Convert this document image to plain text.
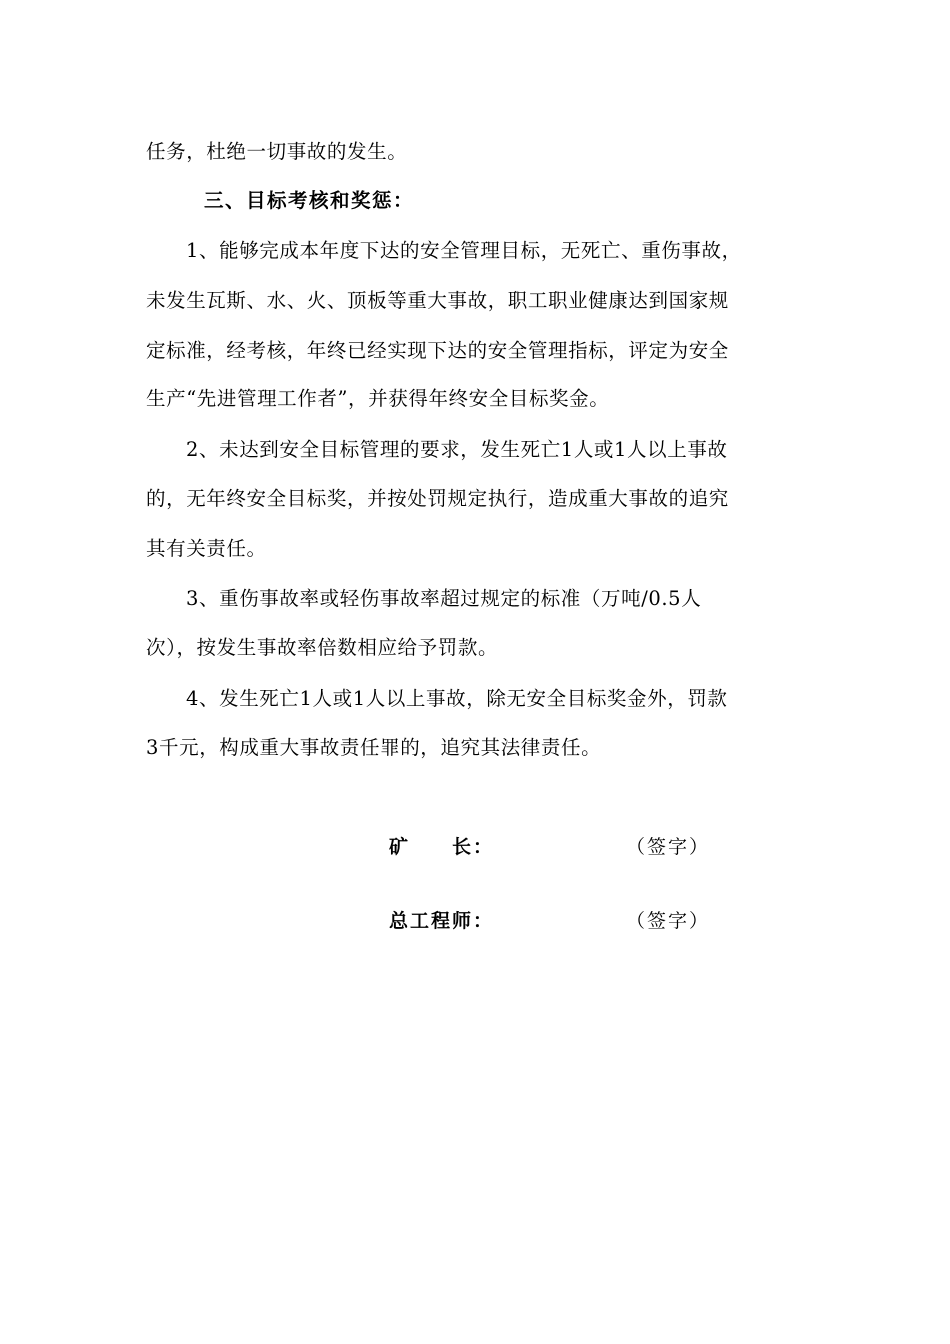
任务，杜绝一切事故的发生。
三、目标考核和奖惩：
1、能够完成本年度下达的安全管理目标，无死亡、重伤事故，
未发生瓦斯、水、火、顶板等重大事故，职工职业健康达到国家规
定标准，经考核，年终已经实现下达的安全管理指标，评定为安全
生产“先进管理工作者”，并获得年终安全目标奖金。
2、未达到安全目标管理的要求，发生死亡1人或1人以上事故
的，无年终安全目标奖，并按处罚规定执行，造成重大事故的追究
其有关责任。
3、重伤事故率或轻伤事故率超过规定的标准（万吨/0.5人
次），按发生事故率倍数相应给予罚款。
4、发生死亡1人或1人以上事故，除无安全目标奖金外，罚款
3千元，构成重大事故责任罪的，追究其法律责任。
矿　　长：	（签字）
总工程师：	（签字）
